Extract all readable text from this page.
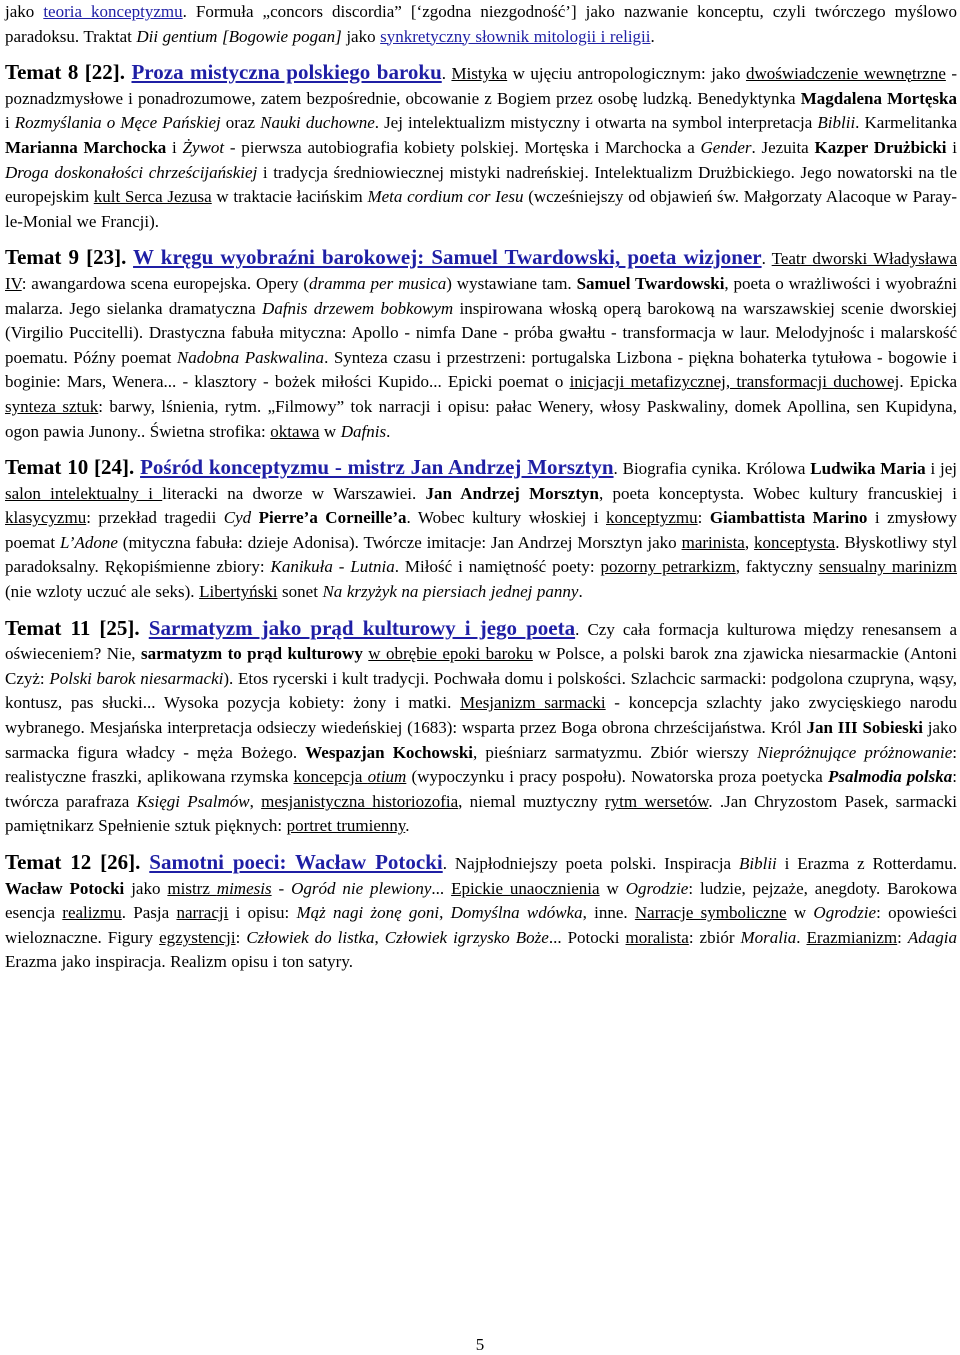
jako teoria konceptyzmu. Formuła „concors discordia” [‘zgodna niezgodność’] jako nazwanie konceptu, czyli twórczego myślowo paradoksu. Traktat Dii gentium [Bogowie pogan] jako synkretyczny słownik mitologii i religii.

Temat 8 [22]. Proza mistyczna polskiego baroku. Mistyka w ujęciu antropologicznym: jako dwoświadczenie wewnętrzne - poznadzmysłowe i ponadrozumowe, zatem bezpośrednie, obcowanie z Bogiem przez osobę ludzką. Benedyktynka Magdalena Mortęska i Rozmyślania o Męce Pańskiej oraz Nauki duchowne. Jej intelektualizm mistyczny i otwarta na symbol interpretacja Biblii. Karmelitanka Marianna Marchocka i Żywot - pierwsza autobiografia kobiety polskiej. Mortęska i Marchocka a Gender. Jezuita Kazper Drużbicki i Droga doskonałości chrześcijańskiej i tradycja średniowiecznej mistyki nadreńskiej. Intelektualizm Drużbickiego. Jego nowatorski na tle europejskim kult Serca Jezusa w traktacie łacińskim Meta cordium cor Iesu (wcześniejszy od objawień św. Małgorzaty Alacoque w Paray-le-Monial we Francji).

Temat 9 [23]. W kręgu wyobraźni barokowej: Samuel Twardowski, poeta wizjoner. Teatr dworski Władysława IV: awangardowa scena europejska. Opery (dramma per musica) wystawiane tam. Samuel Twardowski, poeta o wrażliwości i wyobraźni malarza. Jego sielanka dramatyczna Dafnis drzewem bobkowym inspirowana włoską operą barokową na warszawskiej scenie dworskiej (Virgilio Puccitelli). Drastyczna fabuła mityczna: Apollo - nimfa Dane - próba gwałtu - transformacja w laur. Melodyjnośc i malarskość poematu. Późny poemat Nadobna Paskwalina. Synteza czasu i przestrzeni: portugalska Lizbona - piękna bohaterka tytułowa - bogowie i boginie: Mars, Wenera... - klasztory - bożek miłości Kupido... Epicki poemat o inicjacji metafizycznej, transformacji duchowej. Epicka synteza sztuk: barwy, lśnienia, rytm. „Filmowy” tok narracji i opisu: pałac Wenery, włosy Paskwaliny, domek Apollina, sen Kupidyna, ogon pawia Junony.. Świetna strofika: oktawa w Dafnis.

Temat 10 [24]. Pośród konceptyzmu - mistrz Jan Andrzej Morsztyn. Biografia cynika. Królowa Ludwika Maria i jej salon intelektualny i literacki na dworze w Warszawiei. Jan Andrzej Morsztyn, poeta konceptysta. Wobec kultury francuskiej i klasycyzmu: przekład tragedii Cyd Pierre’a Corneille’a. Wobec kultury włoskiej i konceptyzmu: Giambattista Marino i zmysłowy poemat L’Adone (mityczna fabuła: dzieje Adonisa). Twórcze imitacje: Jan Andrzej Morsztyn jako marinista, konceptysta. Błyskotliwy styl paradoksalny. Rękopiśmienne zbiory: Kanikuła - Lutnia. Miłość i namiętność poety: pozorny petrarkizm, faktyczny sensualny marinizm (nie wzloty uczuć ale seks). Libertyński sonet Na krzyżyk na piersiach jednej panny.

Temat 11 [25]. Sarmatyzm jako prąd kulturowy i jego poeta. Czy cała formacja kulturowa między renesansem a oświeceniem? Nie, sarmatyzm to prąd kulturowy w obrębie epoki baroku w Polsce, a polski barok zna zjawicka niesarmackie (Antoni Czyż: Polski barok niesarmacki). Etos rycerski i kult tradycji. Pochwała domu i polskości. Szlachcic sarmacki: podgolona czupryna, wąsy, kontusz, pas słucki... Wysoka pozycja kobiety: żony i matki. Mesjanizm sarmacki - koncepcja szlachty jako zwycięskiego narodu wybranego. Mesjańska interpretacja odsieczy wiedeńskiej (1683): wsparta przez Boga obrona chrześcijaństwa. Król Jan III Sobieski jako sarmacka figura władcy - męża Bożego. Wespazjan Kochowski, pieśniarz sarmatyzmu. Zbiór wierszy Niepróżnujące próżnowanie: realistyczne fraszki, aplikowana rzymska koncepcja otium (wypoczynku i pracy pospołu). Nowatorska proza poetycka Psalmodia polska: twórcza parafraza Księgi Psalmów, mesjanistyczna historiozofia, niemal muztyczny rytm wersetów. .Jan Chryzostom Pasek, sarmacki pamiętnikarz Spełnienie sztuk pięknych: portret trumienny.

Temat 12 [26]. Samotni poeci: Wacław Potocki. Najpłodniejszy poeta polski. Inspiracja Biblii i Erazma z Rotterdamu. Wacław Potocki jako mistrz mimesis - Ogród nie plewiony... Epickie unaocznienia w Ogrodzie: ludzie, pejzaże, anegdoty. Barokowa esencja realizmu. Pasja narracji i opisu: Mąż nagi żonę goni, Domyślna wdówka, inne. Narracje symboliczne w Ogrodzie: opowieści wieloznaczne. Figury egzystencji: Człowiek do listka, Człowiek igrzysko Boże... Potocki moralista: zbiór Moralia. Erazmianizm: Adagia Erazma jako inspiracja. Realizm opisu i ton satyry.

5
